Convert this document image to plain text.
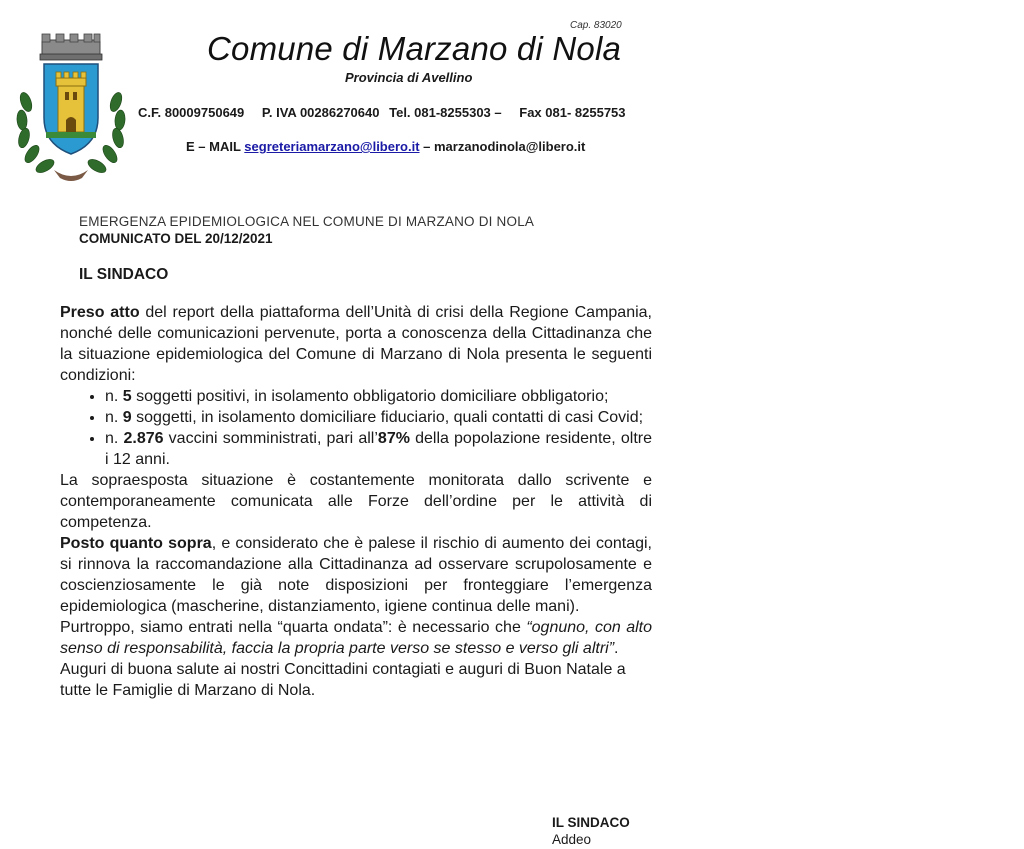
Cap. 83020
Comune di Marzano di Nola
Provincia di Avellino
C.F. 80009750649 P. IVA 00286270640 Tel. 081-8255303 – Fax 081- 8255753
E – MAIL segreteriamarzano@libero.it – marzanodinola@libero.it
EMERGENZA EPIDEMIOLOGICA NEL COMUNE DI MARZANO DI NOLA
COMUNICATO DEL 20/12/2021
IL SINDACO

Preso atto del report della piattaforma dell’Unità di crisi della Regione Campania, nonché delle comunicazioni pervenute, porta a conoscenza della Cittadinanza che la situazione epidemiologica del Comune di Marzano di Nola presenta le seguenti condizioni:

• n. 5 soggetti positivi, in isolamento obbligatorio domiciliare obbligatorio;
• n. 9 soggetti, in isolamento domiciliare fiduciario, quali contatti di casi Covid;
• n. 2.876 vaccini somministrati, pari all’87% della popolazione residente, oltre i 12 anni.

La sopraesposta situazione è costantemente monitorata dallo scrivente e contemporaneamente comunicata alle Forze dell’ordine per le attività di competenza.

Posto quanto sopra, e considerato che è palese il rischio di aumento dei contagi, si rinnova la raccomandazione alla Cittadinanza ad osservare scrupolosamente e coscienziosamente le già note disposizioni per fronteggiare l’emergenza epidemiologica (mascherine, distanziamento, igiene continua delle mani).

Purtroppo, siamo entrati nella “quarta ondata”: è necessario che “ognuno, con alto senso di responsabilità, faccia la propria parte verso se stesso e verso gli altri”.

Auguri di buona salute ai nostri Concittadini contagiati e auguri di Buon Natale a tutte le Famiglie di Marzano di Nola.

IL SINDACO
Addeo
